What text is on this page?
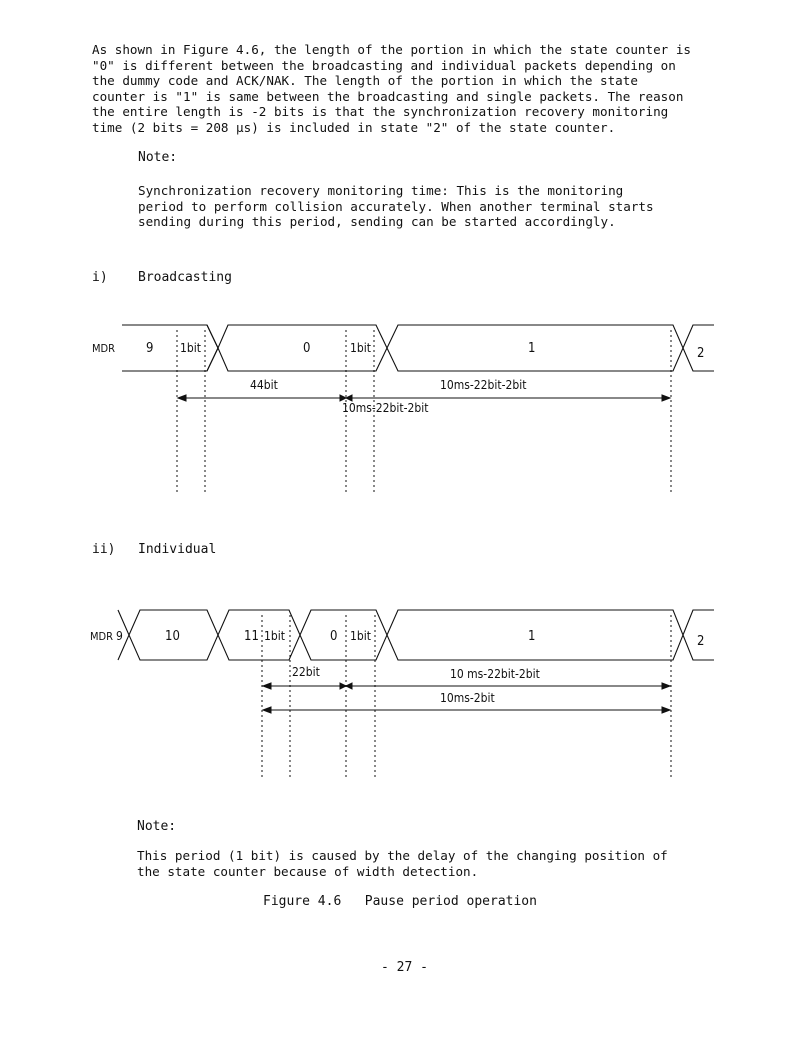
As shown in Figure 4.6, the length of the portion in which the state counter is
"0" is different between the broadcasting and individual packets depending on
the dummy code and ACK/NAK. The length of the portion in which the state
counter is "1" is same between the broadcasting and single packets. The reason
the entire length is -2 bits is that the synchronization recovery monitoring
time (2 bits = 208 μs) is included in state "2" of the state counter.

Note:

Synchronization recovery monitoring time: This is the monitoring
period to perform collision accurately. When another terminal starts
sending during this period, sending can be started accordingly.

i) Broadcasting

MDR 9 1bit	0	1bit	1	2
44bit	10ms-22bit-2bit
10ms-22bit-2bit

ii) Individual

MDR 9	10	11 1bit	0 1bit	1	2
22bit	10 ms-22bit-2bit
10ms-2bit

Note:

This period (1 bit) is caused by the delay of the changing position of
the state counter because of width detection.

Figure 4.6 Pause period operation
- 27 -
